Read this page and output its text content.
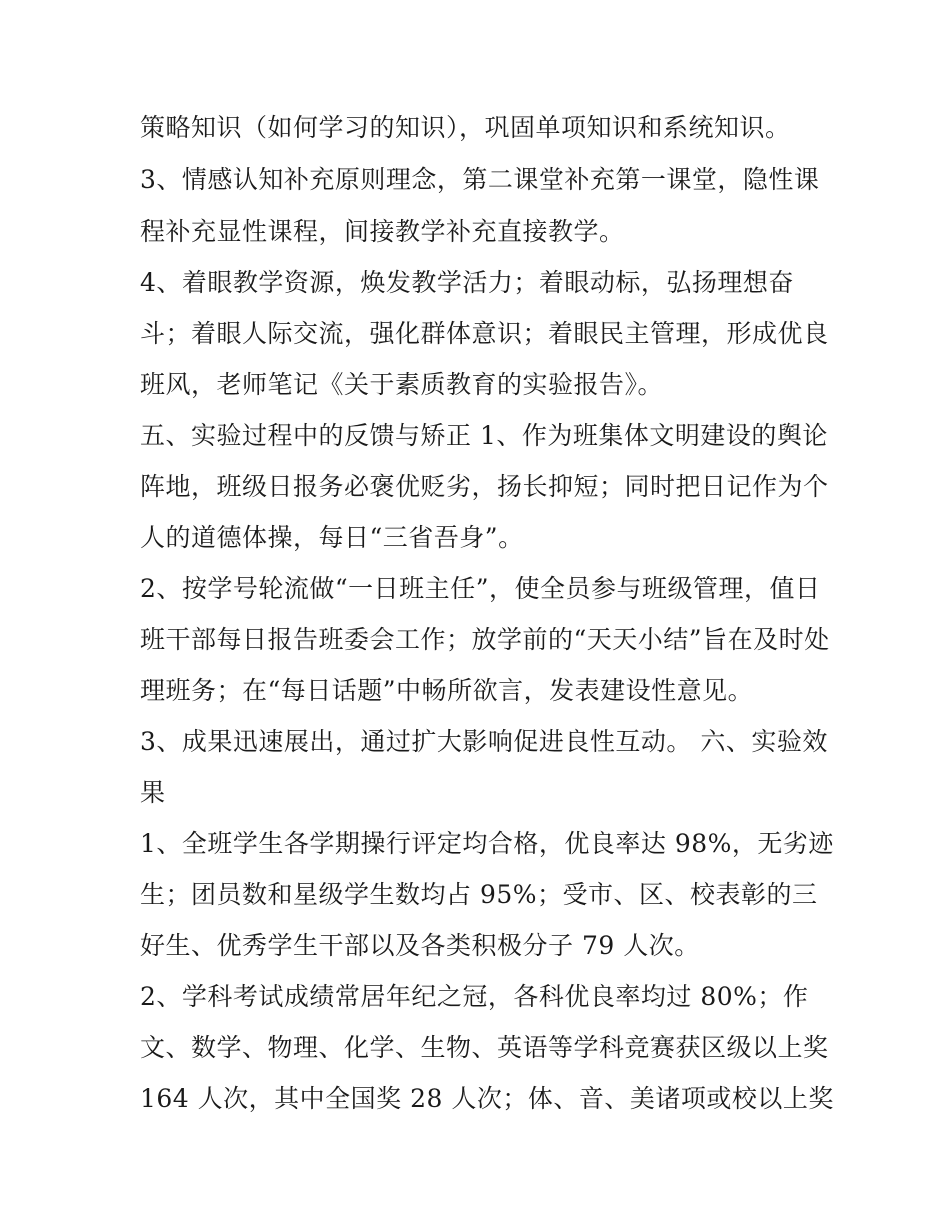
策略知识（如何学习的知识），巩固单项知识和系统知识。
3、情感认知补充原则理念，第二课堂补充第一课堂，隐性课
程补充显性课程，间接教学补充直接教学。
4、着眼教学资源，焕发教学活力；着眼动标，弘扬理想奋
斗；着眼人际交流，强化群体意识；着眼民主管理，形成优良
班风，老师笔记《关于素质教育的实验报告》。
五、实验过程中的反馈与矫正 1、作为班集体文明建设的舆论
阵地，班级日报务必褒优贬劣，扬长抑短；同时把日记作为个
人的道德体操，每日“三省吾身”。
2、按学号轮流做“一日班主任”，使全员参与班级管理，值日
班干部每日报告班委会工作；放学前的“天天小结”旨在及时处
理班务；在“每日话题”中畅所欲言，发表建设性意见。
3、成果迅速展出，通过扩大影响促进良性互动。 六、实验效
果
1、全班学生各学期操行评定均合格，优良率达 98%，无劣迹
生；团员数和星级学生数均占 95%；受市、区、校表彰的三
好生、优秀学生干部以及各类积极分子 79 人次。
2、学科考试成绩常居年纪之冠，各科优良率均过 80%；作
文、数学、物理、化学、生物、英语等学科竞赛获区级以上奖
164 人次，其中全国奖 28 人次；体、音、美诸项或校以上奖
